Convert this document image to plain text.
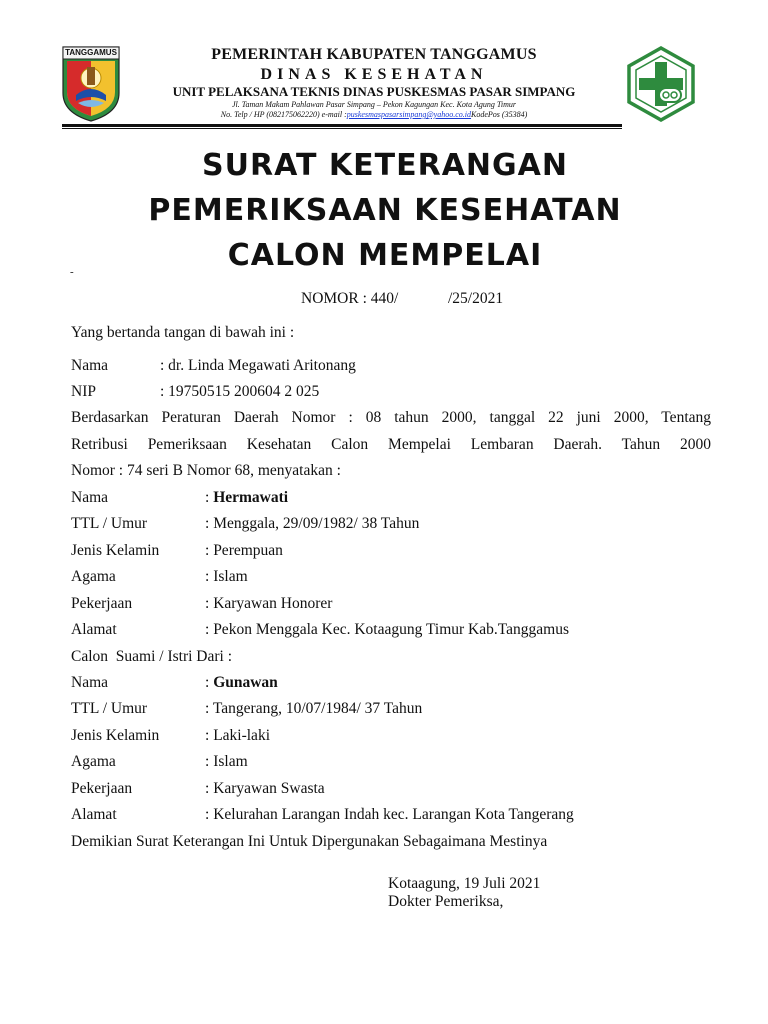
TANGGAMUS	PEMERINTAH KABUPATEN TANGGAMUS
DINAS KESEHATAN
UNIT PELAKSANA TEKNIS DINAS PUSKESMAS PASAR SIMPANG
Jl. Taman Makam Pahlawan Pasar Simpang – Pekon Kagungan Kec. Kota Agung Timur
No. Telp / HP (082175062220) e-mail :puskesmaspasarsimpang@yahoo.co.idKodePos (35384)
SURAT KETERANGAN
PEMERIKSAAN KESEHATAN
CALON MEMPELAI
-
NOMOR : 440/	/25/2021
Yang bertanda tangan di bawah ini :
Nama	: dr. Linda Megawati Aritonang
NIP	: 19750515 200604 2 025
Berdasarkan Peraturan Daerah Nomor : 08 tahun 2000, tanggal 22 juni 2000, Tentang
Retribusi Pemeriksaan Kesehatan Calon Mempelai Lembaran Daerah. Tahun 2000
Nomor : 74 seri B Nomor 68, menyatakan :
Nama	: Hermawati
TTL / Umur	: Menggala, 29/09/1982/ 38 Tahun
Jenis Kelamin	: Perempuan
Agama	: Islam
Pekerjaan	: Karyawan Honorer
Alamat	: Pekon Menggala Kec. Kotaagung Timur Kab.Tanggamus
Calon  Suami / Istri Dari :
Nama	: Gunawan
TTL / Umur	: Tangerang, 10/07/1984/ 37 Tahun
Jenis Kelamin	: Laki-laki
Agama	: Islam
Pekerjaan	: Karyawan Swasta
Alamat	: Kelurahan Larangan Indah kec. Larangan Kota Tangerang
Demikian Surat Keterangan Ini Untuk Dipergunakan Sebagaimana Mestinya
Kotaagung, 19 Juli 2021
Dokter Pemeriksa,
